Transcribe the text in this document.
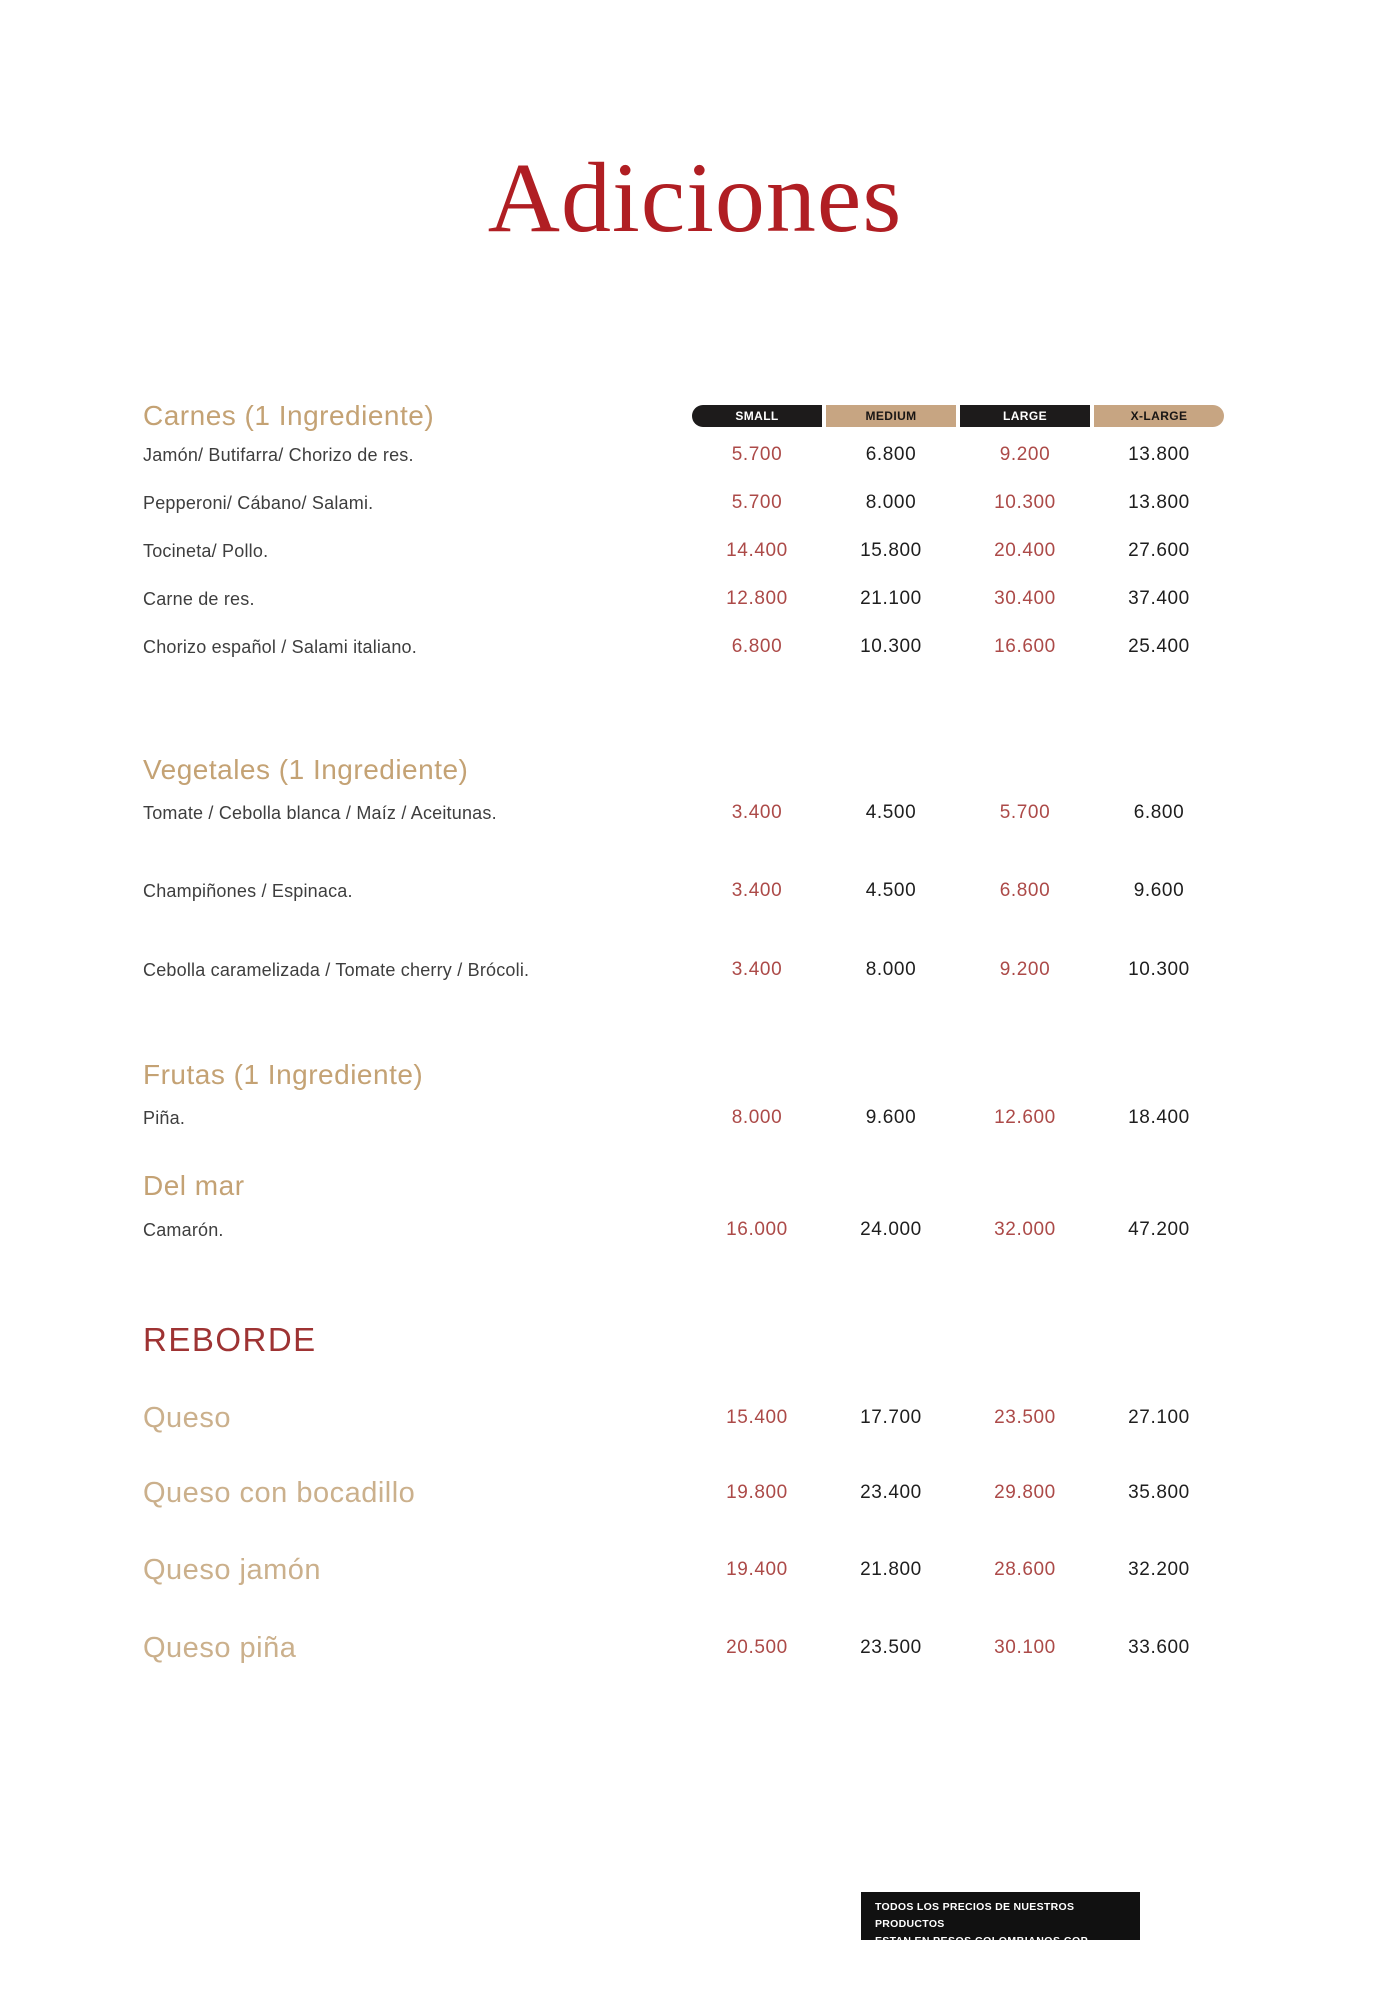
Adiciones
Carnes (1 Ingrediente)	SMALL	MEDIUM	LARGE	X-LARGE
Jamón/ Butifarra/ Chorizo de res.	5.700	6.800	9.200	13.800
Pepperoni/ Cábano/ Salami.	5.700	8.000	10.300	13.800
Tocineta/ Pollo.	14.400	15.800	20.400	27.600
Carne de res.	12.800	21.100	30.400	37.400
Chorizo español / Salami italiano.	6.800	10.300	16.600	25.400
Vegetales (1 Ingrediente)
Tomate / Cebolla blanca / Maíz / Aceitunas.	3.400	4.500	5.700	6.800
Champiñones / Espinaca.	3.400	4.500	6.800	9.600
Cebolla caramelizada / Tomate cherry / Brócoli.	3.400	8.000	9.200	10.300
Frutas (1 Ingrediente)
Piña.	8.000	9.600	12.600	18.400
Del mar
Camarón.	16.000	24.000	32.000	47.200
REBORDE
Queso	15.400	17.700	23.500	27.100
Queso con bocadillo	19.800	23.400	29.800	35.800
Queso jamón	19.400	21.800	28.600	32.200
Queso piña	20.500	23.500	30.100	33.600
TODOS LOS PRECIOS DE NUESTROS PRODUCTOS
ESTAN EN PESOS COLOMBIANOS COP.
